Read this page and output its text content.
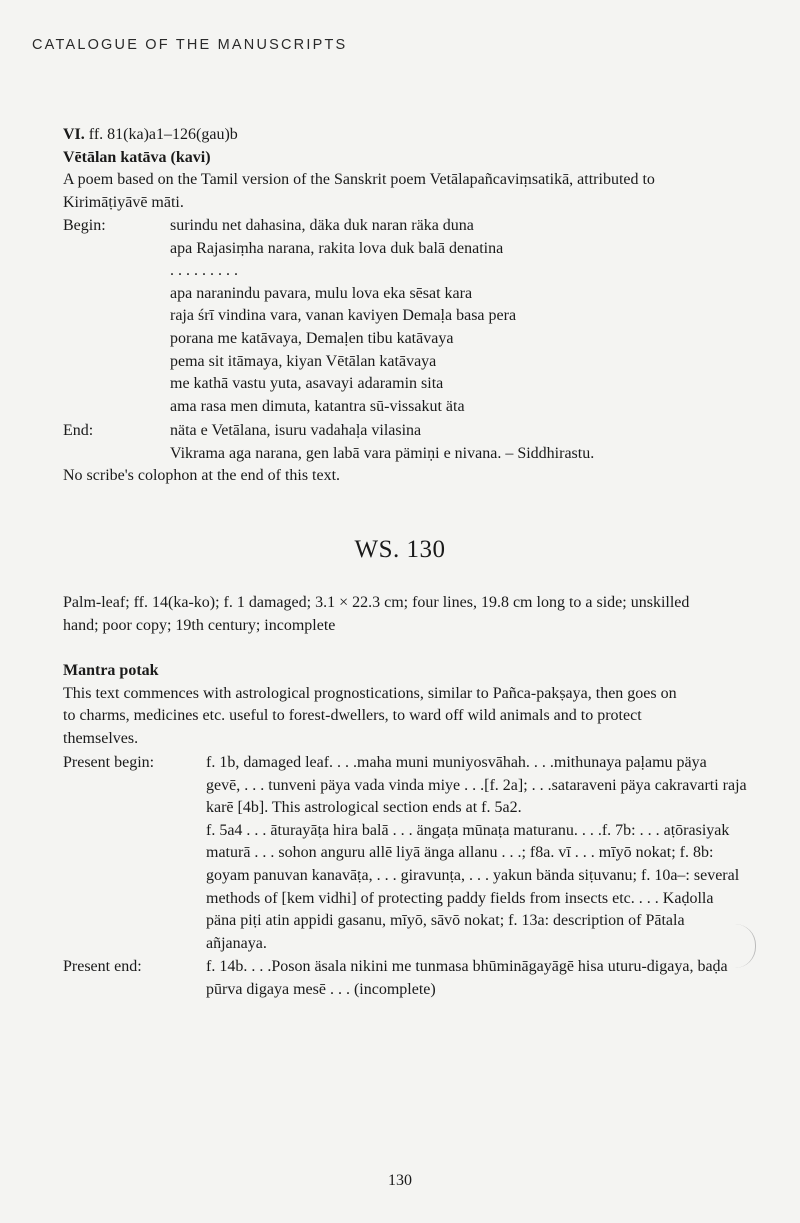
CATALOGUE OF THE MANUSCRIPTS

VI. ff. 81(ka)a1–126(gau)b

Vētālan katāva (kavi)

A poem based on the Tamil version of the Sanskrit poem Vetālapañcaviṃsatikā, attributed to

Kirimāṭiyāvē māti.

Begin:	surindu net dahasina, däka duk naran räka duna

apa Rajasiṃha narana, rakita lova duk balā denatina

. . . . . . . . .

apa naranindu pavara, mulu lova eka sēsat kara

raja śrī vindina vara, vanan kaviyen Demaḷa basa pera

porana me katāvaya, Demaḷen tibu katāvaya

pema sit itāmaya, kiyan Vētālan katāvaya

me kathā vastu yuta, asavayi adaramin sita

ama rasa men dimuta, katantra sū-vissakut äta

End:	näta e Vetālana, isuru vadahaḷa vilasina

Vikrama aga narana, gen labā vara pämiṇi e nivana. – Siddhirastu.

No scribe's colophon at the end of this text.

WS. 130

Palm-leaf; ff. 14(ka-ko); f. 1 damaged; 3.1 × 22.3 cm; four lines, 19.8 cm long to a side; unskilled

hand; poor copy; 19th century; incomplete

Mantra potak

This text commences with astrological prognostications, similar to Pañca-pakṣaya, then goes on

to charms, medicines etc. useful to forest-dwellers, to ward off wild animals and to protect

themselves.

Present begin:	f. 1b, damaged leaf. . . .maha muni muniyosvāhah. . . .mithunaya paḷamu päya

gevē, . . . tunveni päya vada vinda miye . . .[f. 2a]; . . .sataraveni päya cakravarti raja

karē [4b]. This astrological section ends at f. 5a2.

f. 5a4 . . . āturayāṭa hira balā . . . ängaṭa mūnaṭa maturanu. . . .f. 7b: . . . aṭōrasiyak

maturā . . . sohon anguru allē liyā änga allanu . . .; f8a. vī . . . mīyō nokat; f. 8b:

goyam panuvan kanavāṭa, . . . giravunṭa, . . . yakun bända siṭuvanu; f. 10a–: several

methods of [kem vidhi] of protecting paddy fields from insects etc. . . . Kaḍolla

päna piṭi atin appidi gasanu, mīyō, sāvō nokat; f. 13a: description of Pātala

añjanaya.

Present end:	f. 14b. . . .Poson äsala nikini me tunmasa bhūmināgayāgē hisa uturu-digaya, baḍa

pūrva digaya mesē . . . (incomplete)

130
